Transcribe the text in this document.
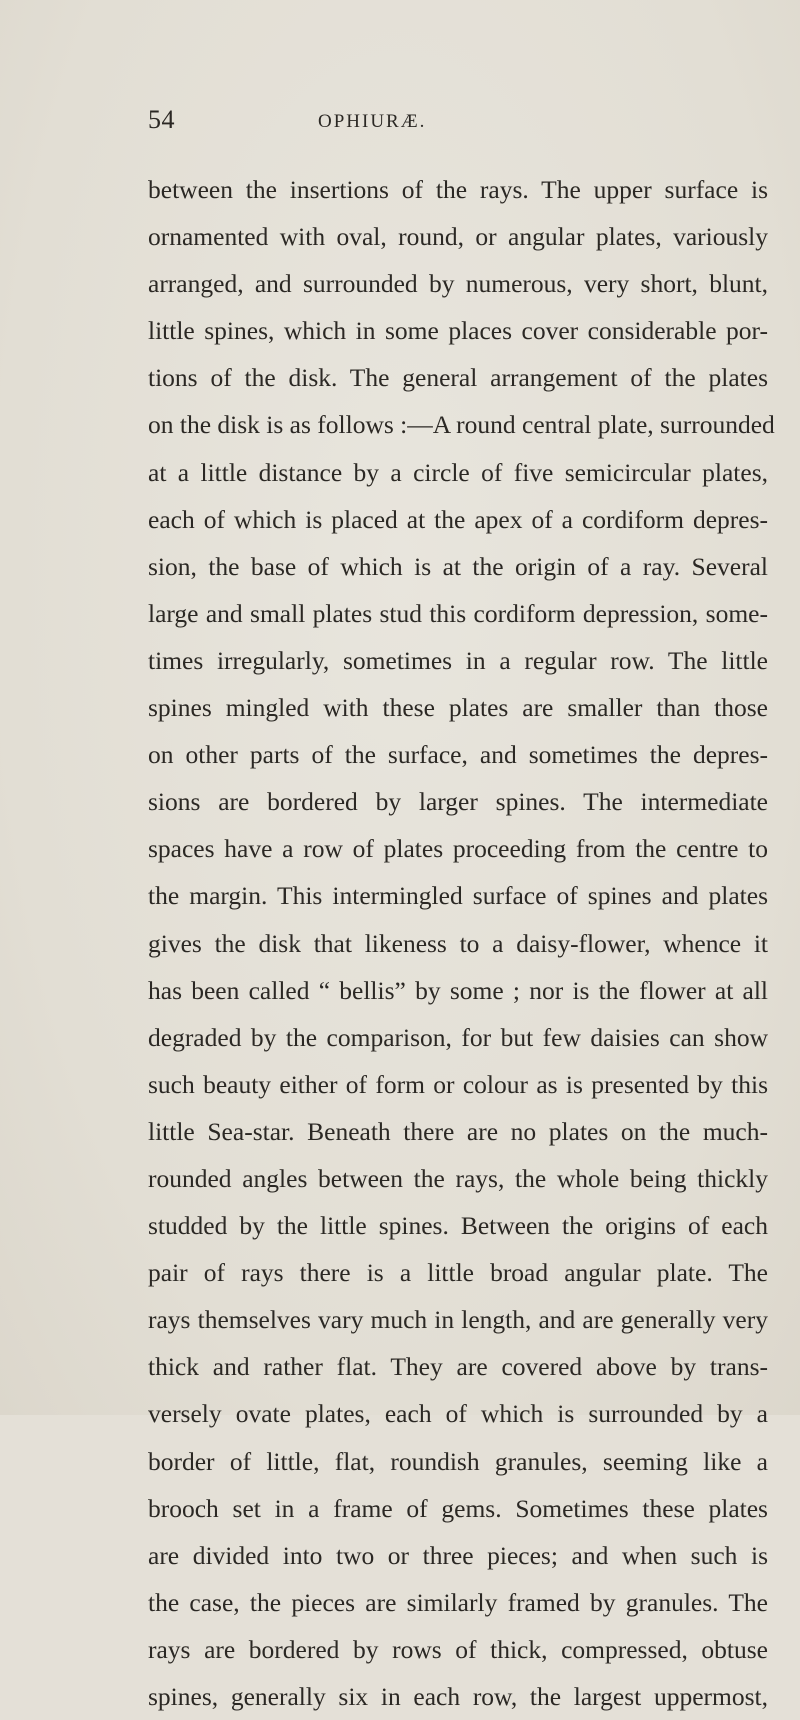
54	OPHIURÆ.
between the insertions of the rays. The upper surface is
ornamented with oval, round, or angular plates, variously
arranged, and surrounded by numerous, very short, blunt,
little spines, which in some places cover considerable por-
tions of the disk. The general arrangement of the plates
on the disk is as follows :—A round central plate, surrounded
at a little distance by a circle of five semicircular plates,
each of which is placed at the apex of a cordiform depres-
sion, the base of which is at the origin of a ray. Several
large and small plates stud this cordiform depression, some-
times irregularly, sometimes in a regular row. The little
spines mingled with these plates are smaller than those
on other parts of the surface, and sometimes the depres-
sions are bordered by larger spines. The intermediate
spaces have a row of plates proceeding from the centre to
the margin. This intermingled surface of spines and plates
gives the disk that likeness to a daisy-flower, whence it
has been called “ bellis” by some ; nor is the flower at all
degraded by the comparison, for but few daisies can show
such beauty either of form or colour as is presented by this
little Sea-star. Beneath there are no plates on the much-
rounded angles between the rays, the whole being thickly
studded by the little spines. Between the origins of each
pair of rays there is a little broad angular plate. The
rays themselves vary much in length, and are generally very
thick and rather flat. They are covered above by trans-
versely ovate plates, each of which is surrounded by a
border of little, flat, roundish granules, seeming like a
brooch set in a frame of gems. Sometimes these plates
are divided into two or three pieces; and when such is
the case, the pieces are similarly framed by granules. The
rays are bordered by rows of thick, compressed, obtuse
spines, generally six in each row, the largest uppermost,
